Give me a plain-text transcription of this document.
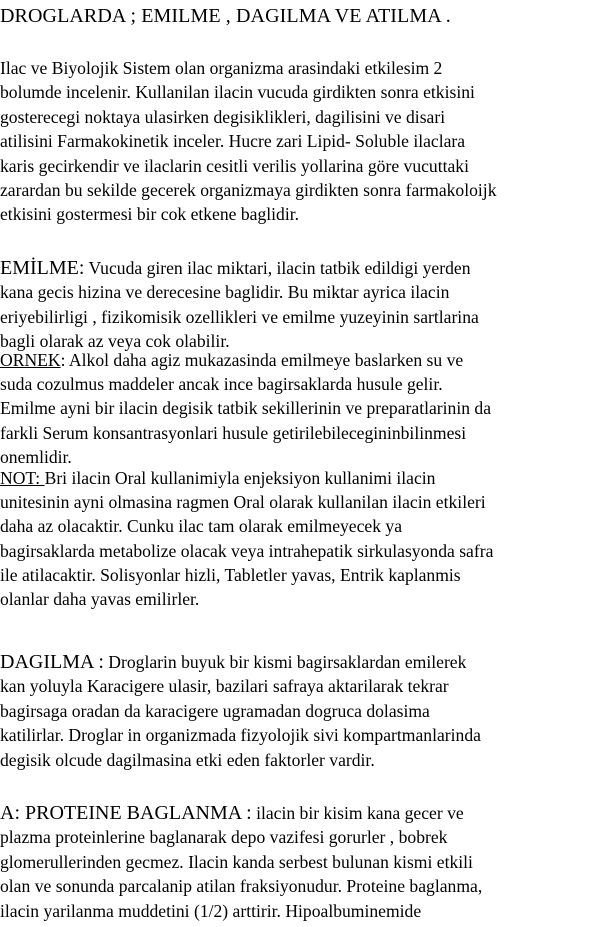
DROGLARDA ; EMILME , DAGILMA VE ATILMA .
Ilac ve Biyolojik Sistem olan organizma arasindaki etkilesim 2
bolumde incelenir. Kullanilan ilacin vucuda girdikten sonra etkisini
gosterecegi noktaya ulasirken degisiklikleri, dagilisini ve disari
atilisini Farmakokinetik inceler. Hucre zari Lipid- Soluble ilaclara
karis gecirkendir ve ilaclarin cesitli verilis yollarina göre vucuttaki
zarardan bu sekilde gecerek organizmaya girdikten sonra farmakoloijk
etkisini gostermesi bir cok etkene baglidir.
EMİLME: Vucuda giren ilac miktari, ilacin tatbik edildigi yerden
kana gecis hizina ve derecesine baglidir. Bu miktar ayrica ilacin
eriyebilirligi , fizikomisik ozellikleri ve emilme yuzeyinin sartlarina
bagli olarak az veya cok olabilir.
ORNEK: Alkol daha agiz mukazasinda emilmeye baslarken su ve
suda cozulmus maddeler ancak ince bagirsaklarda husule gelir.
Emilme ayni bir ilacin degisik tatbik sekillerinin ve preparatlarinin da
farkli Serum konsantrasyonlari husule getirilebilecegininbilinmesi
onemlidir.
NOT: Bri ilacin Oral kullanimiyla enjeksiyon kullanimi ilacin
unitesinin ayni olmasina ragmen Oral olarak kullanilan ilacin etkileri
daha az olacaktir. Cunku ilac tam olarak emilmeyecek ya
bagirsaklarda metabolize olacak veya intrahepatik sirkulasyonda safra
ile atilacaktir. Solisyonlar hizli, Tabletler yavas, Entrik kaplanmis
olanlar daha yavas emilirler.
DAGILMA : Droglarin buyuk bir kismi bagirsaklardan emilerek
kan yoluyla Karacigere ulasir, bazilari safraya aktarilarak tekrar
bagirsaga oradan da karacigere ugramadan dogruca dolasima
katilirlar. Droglar in organizmada fizyolojik sivi kompartmanlarinda
degisik olcude dagilmasina etki eden faktorler vardir.
A: PROTEINE BAGLANMA : ilacin bir kisim kana gecer ve
plazma proteinlerine baglanarak depo vazifesi gorurler , bobrek
glomerullerinden gecmez. Ilacin kanda serbest bulunan kismi etkili
olan ve sonunda parcalanip atilan fraksiyonudur. Proteine baglanma,
ilacin yarilanma muddetini (1/2) arttirir. Hipoalbuminemide
